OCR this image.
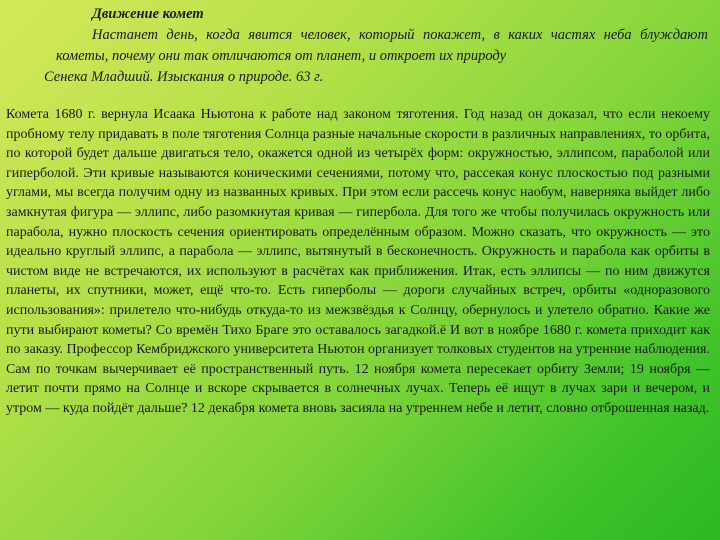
Движение комет

Настанет день, когда явится человек, который покажет, в каких частях неба блуждают кометы, почему они так отличаются от планет, и откроет их природу

Сенека Младший. Изыскания о природе. 63 г.

Комета 1680 г. вернула Исаака Ньютона к работе над законом тяготения. Год назад он доказал, что если некоему пробному телу придавать в поле тяготения Солнца разные начальные скорости в различных направлениях, то орбита, по которой будет дальше двигаться тело, окажется одной из четырёх форм: окружностью, эллипсом, параболой или гиперболой. Эти кривые называются коническими сечениями, потому что, рассекая конус плоскостью под разными углами, мы всегда получим одну из названных кривых. При этом если рассечь конус наобум, наверняка выйдет либо замкнутая фигура — эллипс, либо разомкнутая кривая — гипербола. Для того же чтобы получилась окружность или парабола, нужно плоскость сечения ориентировать определённым образом. Можно сказать, что окружность — это идеально круглый эллипс, а парабола — эллипс, вытянутый в бесконечность. Окружность и парабола как орбиты в чистом виде не встречаются, их используют в расчётах как приближения. Итак, есть эллипсы — по ним движутся планеты, их спутники, может, ещё что-то. Есть гиперболы — дороги случайных встреч, орбиты «одноразового использования»: прилетело что-нибудь откуда-то из межзвёздья к Солнцу, обернулось и улетело обратно. Какие же пути выбирают кометы? Со времён Тихо Браге это оставалось загадкой.ё И вот в ноябре 1680 г. комета приходит как по заказу. Профессор Кембриджского университета Ньютон организует толковых студентов на утренние наблюдения. Сам по точкам вычерчивает её пространственный путь. 12 ноября комета пересекает орбиту Земли; 19 ноября — летит почти прямо на Солнце и вскоре скрывается в солнечных лучах. Теперь её ищут в лучах зари и вечером, и утром — куда пойдёт дальше? 12 декабря комета вновь засияла на утреннем небе и летит, словно отброшенная назад.
